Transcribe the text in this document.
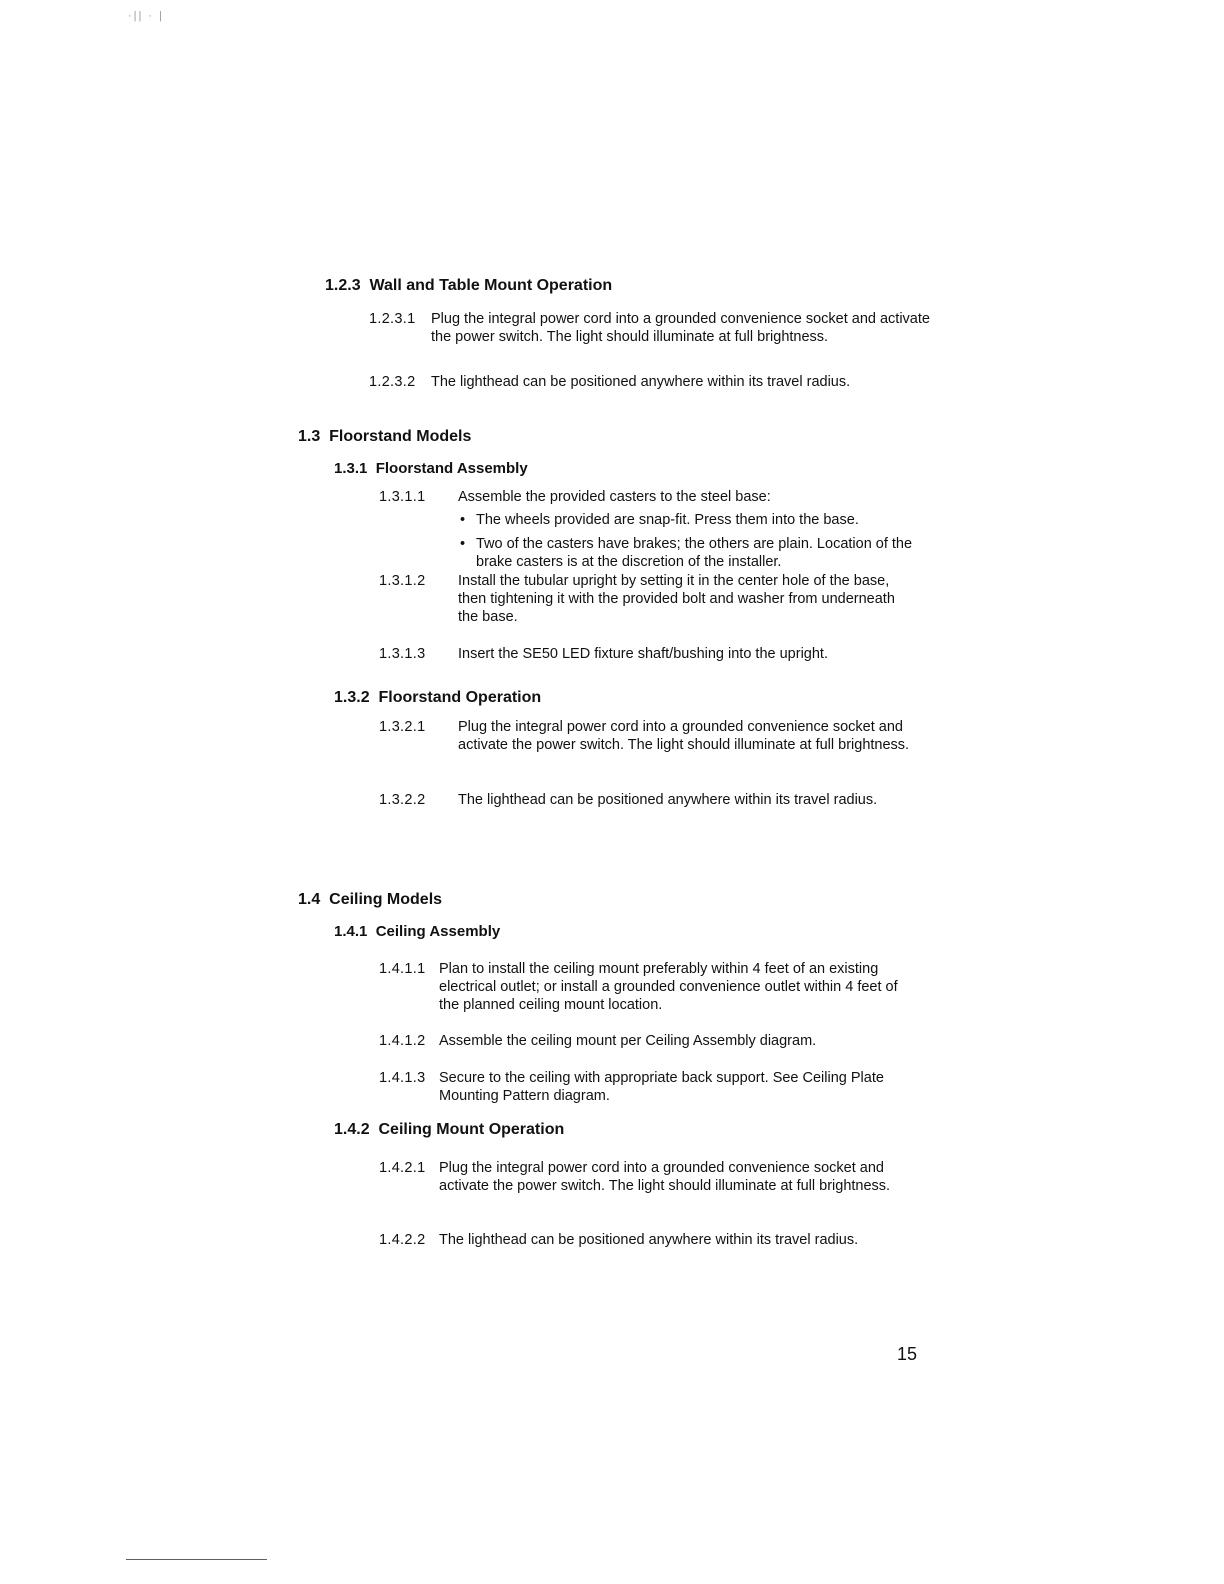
·|| · |
1.2.3 Wall and Table Mount Operation
1.2.3.1 Plug the integral power cord into a grounded convenience socket and activate the power switch. The light should illuminate at full brightness.
1.2.3.2 The lighthead can be positioned anywhere within its travel radius.
1.3 Floorstand Models
1.3.1 Floorstand Assembly
1.3.1.1 Assemble the provided casters to the steel base:
• The wheels provided are snap-fit. Press them into the base.
• Two of the casters have brakes; the others are plain. Location of the brake casters is at the discretion of the installer.
1.3.1.2 Install the tubular upright by setting it in the center hole of the base, then tightening it with the provided bolt and washer from underneath the base.
1.3.1.3 Insert the SE50 LED fixture shaft/bushing into the upright.
1.3.2 Floorstand Operation
1.3.2.1 Plug the integral power cord into a grounded convenience socket and activate the power switch. The light should illuminate at full brightness.
1.3.2.2 The lighthead can be positioned anywhere within its travel radius.
1.4 Ceiling Models
1.4.1 Ceiling Assembly
1.4.1.1 Plan to install the ceiling mount preferably within 4 feet of an existing electrical outlet; or install a grounded convenience outlet within 4 feet of the planned ceiling mount location.
1.4.1.2 Assemble the ceiling mount per Ceiling Assembly diagram.
1.4.1.3 Secure to the ceiling with appropriate back support. See Ceiling Plate Mounting Pattern diagram.
1.4.2 Ceiling Mount Operation
1.4.2.1 Plug the integral power cord into a grounded convenience socket and activate the power switch. The light should illuminate at full brightness.
1.4.2.2 The lighthead can be positioned anywhere within its travel radius.
15
